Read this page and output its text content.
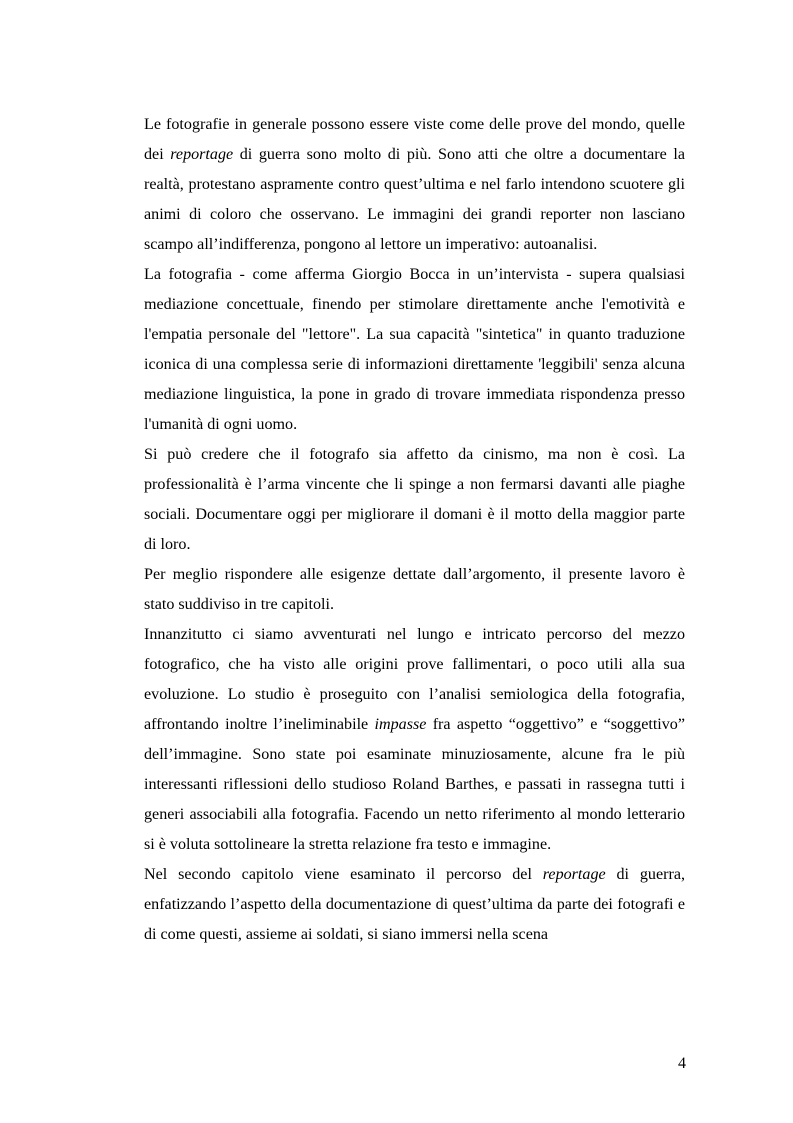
Le fotografie in generale possono essere viste come delle prove del mondo, quelle dei reportage di guerra sono molto di più. Sono atti che oltre a documentare la realtà, protestano aspramente contro quest’ultima e nel farlo intendono scuotere gli animi di coloro che osservano. Le immagini dei grandi reporter non lasciano scampo all’indifferenza, pongono al lettore un imperativo: autoanalisi.

La fotografia - come afferma Giorgio Bocca in un’intervista - supera qualsiasi mediazione concettuale, finendo per stimolare direttamente anche l'emotività e l'empatia personale del "lettore". La sua capacità "sintetica" in quanto traduzione iconica di una complessa serie di informazioni direttamente 'leggibili' senza alcuna mediazione linguistica, la pone in grado di trovare immediata rispondenza presso l'umanità di ogni uomo.

Si può credere che il fotografo sia affetto da cinismo, ma non è così. La professionalità è l’arma vincente che li spinge a non fermarsi davanti alle piaghe sociali. Documentare oggi per migliorare il domani è il motto della maggior parte di loro.

Per meglio rispondere alle esigenze dettate dall’argomento, il presente lavoro è stato suddiviso in tre capitoli.

Innanzitutto ci siamo avventurati nel lungo e intricato percorso del mezzo fotografico, che ha visto alle origini prove fallimentari, o poco utili alla sua evoluzione. Lo studio è proseguito con l’analisi semiologica della fotografia, affrontando inoltre l’ineliminabile impasse fra aspetto “oggettivo” e “soggettivo” dell’immagine. Sono state poi esaminate minuziosamente, alcune fra le più interessanti riflessioni dello studioso Roland Barthes, e passati in rassegna tutti i generi associabili alla fotografia. Facendo un netto riferimento al mondo letterario si è voluta sottolineare la stretta relazione fra testo e immagine.

Nel secondo capitolo viene esaminato il percorso del reportage di guerra, enfatizzando l’aspetto della documentazione di quest’ultima da parte dei fotografi e di come questi, assieme ai soldati, si siano immersi nella scena

4
